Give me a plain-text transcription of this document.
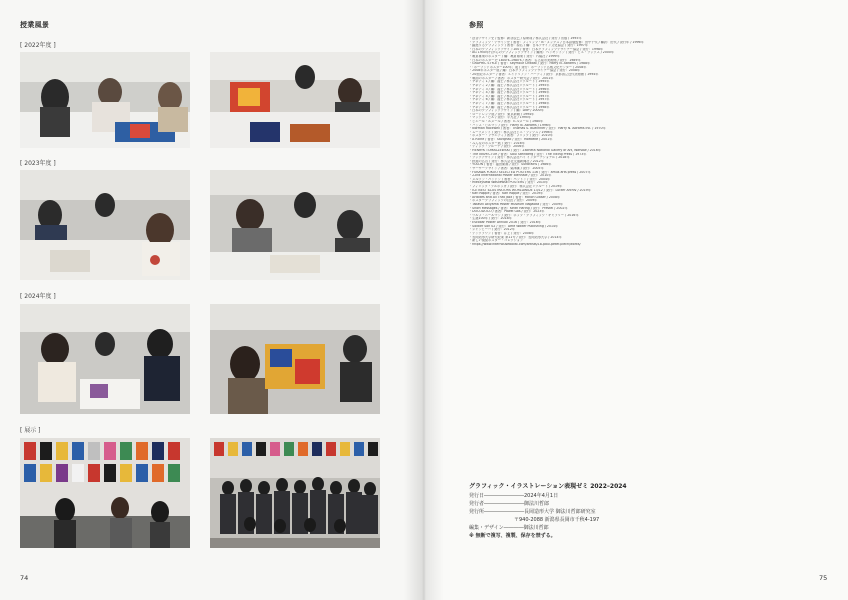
授業風景
[ 2022年度 ]
[ 2023年度 ]
[ 2024年度 ]
[ 展示 ]
74
参照
75
・渋谷デザイン史 / 監修：新谷辰巳 / 原研哉 / 株式会社 / 発行 / 出版 / 1995年
・グラフィック・デザイン史 / 著者：フィリップ・B・メッグス / 日本語版監修：田中千代 / 翻訳：田代 / 発行年 / 1996年
・躍進するグラフィック / 著者：原弘 / 編：日本デザイン文化協会 / 発行：1997年
・日本のグラフィックデザイン100 / 著者：日本グラフィックデザイナー協会 / 発行：1998年
・AG 1950年代からのグラフィックデザイン / 編集：ベンキントン / 発行：ピエ・ブックス / 2000年
・亀倉雄策のポスター / 編：亀倉雄策 / 発行：六耀社 / 1999年
・日本のポスター史 1800's–1980's / 著者：名古屋市美術館 / 発行：1989年
・GRAPHIC STYLE / 著者：Seymour Chwast / 発行：Harry N. Abrams / 1988年
・「ポーランドポスター100年」展 / 発行：ポーランド広報文化センター / 2008年
・2008年ポスター展 / 編：日本グラフィックデザイナー協会 / 発行：2008年
・20世紀ポスター / 著者：エイドリアン・ハーディ / 発行：京都国立近代美術館 / 1994年
・戦前のポスター / 著者：ポスター研究会 / 発行：2001年
・ケネディ 1 / 編：福士 / 株式会社リクルート / 1995年
・ケネディ 2 / 編：福士 / 株式会社リクルート / 1995年
・ケネディ 3 / 編：福士 / 株式会社リクルート / 1996年
・ケネディ 4 / 編：福士 / 株式会社リクルート / 1996年
・ケネディ 5 / 編：福士 / 株式会社リクルート / 1997年
・ケネディ 6 / 編：福士 / 株式会社リクルート / 1997年
・ケネディ 7 / 編：福士 / 株式会社リクルート / 1998年
・ケネディ 8 / 編：福士 / 株式会社リクルート / 1998年
・日本のグラフィックデザイン / 編：DNP / 2000年
・ロートレック展 / 発行：東京新聞 / 1994年
・マックス・ビル / 発行：平凡社 / 1995年
・ピエール・ルメール / 著者：E.ルメール / 1980年
・ハンス・ヒルマン / 発行：Harry N. Abrams / 1996年
・Norman Rockwell / 著者：Thomas S. Buechner / 発行：Harry N. Abrams Inc. / 1970年
・ムーブメント / 発行：株式会社ピエ・ブックス / 1998年
・ポスター・ソサエティ / 著者：フリッツ / 発行：2010年
・A Riche / 著者：Savignac / 発行：Hoëbeke / 2001年
・みんなのポスター展 / 発行：2016年
・ディック・ブルーナ / 発行：2006年
・HENRYK TOMASZEWSKI / 発行：Zacheta National Gallery of Art, Warsaw / 2016年
・The INSPECTOR / 著者：Saul Steinberg / 発行：The Viking Press / 1973年
・ブックデザイン / 発行：株式会社パイ インターナショナル / 2018年
・鉄道の広告 / 発行：株式会社交通新聞社 / 2012年
・YOLON / 著者：福田繁雄 / 発行：Sunbrains / 1986年
・サーサーデザイン / 著者：粟津潔 / 発行：2005年
・FUKAWA YOKOO SELECTED POSTERS 116 / 発行：amus arts press / 2007年
・22nd International Poster Biennale / 発行：2010年
・メルソン・パントン / 著者：ペントン / 発行：2004年
・Mieczysław Wasilewski POSTERS / 発行：2010年
・フィリップ・デルボッカ / 発行：株式会社リクルート / 2019年
・ICE BEST ILLUSTRATORS WORLDWIDE 13/12 / 発行：Lürzer Archiv / 2019年
・Karl Roppe / 著者：Karl Roppe / 発行：2019年
・Artbites and All That Jazz / 著者：Milton Glaser / 2008年
・ポスターグラフィックの巨匠 / 発行：2009年
・Takashi Akiyama Poster Museum Nagaoka / 発行：2009年
・Short Messages / 著者：Keith Haring / 発行：Prestel / 2002年
・DOCODOCO / 著者：Pawel Gos / 発行：2023年
・ウルフ・ニールマン / 発行：ポップ・グラフィック・ギャラリー / 2016年
・生誕100年 / 発行：2018年
・Escobar Poster Annual 2016 / 発行：2016年
・Soldier Son 02 / 発行：Ame Waiter Publishing / 2014年
・ジャンピーハ / 発行：2012年
・テンクラウン / 著者：井上 / 発行：2008年
・長岡造形大学研究紀要 第11号 / 発行：長岡造形大学 / 2014年
・新しい視覚ポスター・コレクション
・https://www.interhouseboxst.com/artists/18-paul-peter-piech/works/
グラフィック・イラストレーション表現ゼミ 2022–2024
発行日――――――――2024年4月1日
発行者――――――――御法川哲郎
発行所――――――――長岡造形大学 御法川哲郎研究室
　　　　　　　　　〒940-2088 新潟県長岡市千秋4-197
編集・デザイン――――御法川哲郎
※ 無断で複写、複製、保存を禁ずる。
